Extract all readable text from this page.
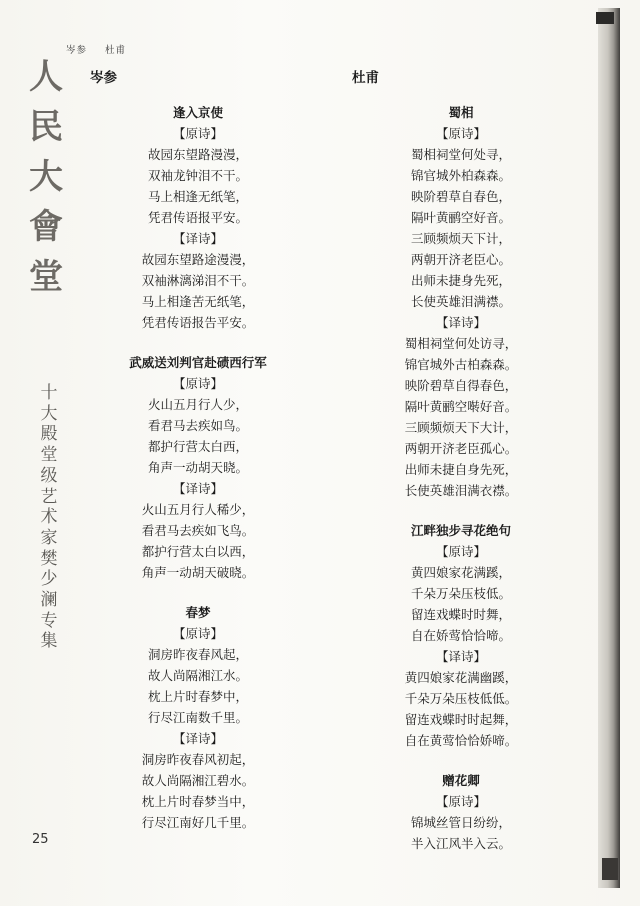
岑参 杜甫
人
民
大
會
堂
十
大
殿
堂
级
艺
术
家
樊
少
澜
专
集
25
岑参	杜甫
逢入京使
【原诗】
故园东望路漫漫，
双袖龙钟泪不干。
马上相逢无纸笔，
凭君传语报平安。
【译诗】
故园东望路途漫漫，
双袖淋漓涕泪不干。
马上相逢苦无纸笔，
凭君传语报告平安。
武威送刘判官赴碛西行军
【原诗】
火山五月行人少，
看君马去疾如鸟。
都护行营太白西，
角声一动胡天晓。
【译诗】
火山五月行人稀少，
看君马去疾如飞鸟。
都护行营太白以西，
角声一动胡天破晓。
春梦
【原诗】
洞房昨夜春风起，
故人尚隔湘江水。
枕上片时春梦中，
行尽江南数千里。
【译诗】
洞房昨夜春风初起，
故人尚隔湘江碧水。
枕上片时春梦当中，
行尽江南好几千里。
蜀相
【原诗】
蜀相祠堂何处寻，
锦官城外柏森森。
映阶碧草自春色，
隔叶黄鹂空好音。
三顾频烦天下计，
两朝开济老臣心。
出师未捷身先死，
长使英雄泪满襟。
【译诗】
蜀相祠堂何处访寻，
锦官城外古柏森森。
映阶碧草自得春色，
隔叶黄鹂空啭好音。
三顾频烦天下大计，
两朝开济老臣孤心。
出师未捷自身先死，
长使英雄泪满衣襟。
江畔独步寻花绝句
【原诗】
黄四娘家花满蹊，
千朵万朵压枝低。
留连戏蝶时时舞，
自在娇莺恰恰啼。
【译诗】
黄四娘家花满幽蹊，
千朵万朵压枝低低。
留连戏蝶时时起舞，
自在黄莺恰恰娇啼。
赠花卿
【原诗】
锦城丝管日纷纷，
半入江风半入云。
